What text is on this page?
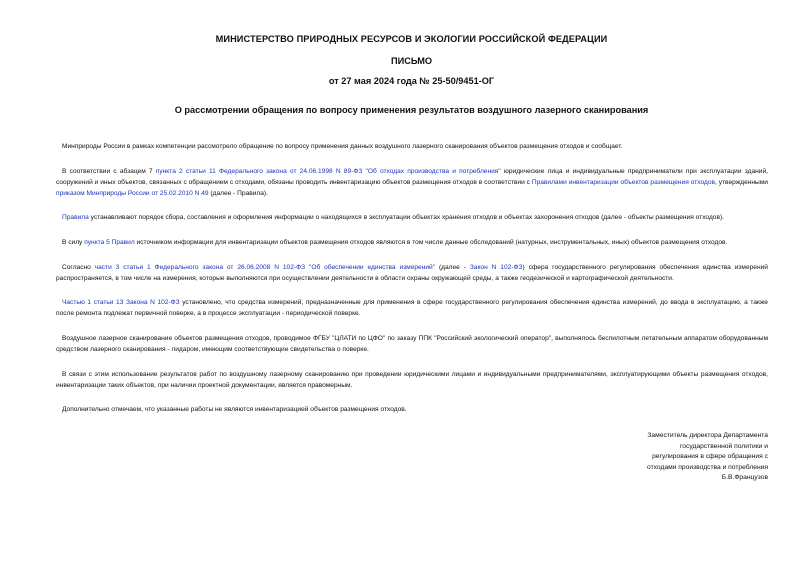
МИНИСТЕРСТВО ПРИРОДНЫХ РЕСУРСОВ И ЭКОЛОГИИ РОССИЙСКОЙ ФЕДЕРАЦИИ
ПИСЬМО
от 27 мая 2024 года № 25-50/9451-ОГ
О рассмотрении обращения по вопросу применения результатов воздушного лазерного сканирования

Минприроды России в рамках компетенции рассмотрело обращение по вопросу применения данных воздушного лазерного сканирования объектов размещения отходов и сообщает.

В соответствии с абзацем 7 пункта 2 статьи 11 Федерального закона от 24.06.1998 N 89-ФЗ "Об отходах производства и потребления" юридические лица и индивидуальные предприниматели при эксплуатации зданий, сооружений и иных объектов, связанных с обращением с отходами, обязаны проводить инвентаризацию объектов размещения отходов в соответствии с Правилами инвентаризации объектов размещения отходов, утвержденными приказом Минприроды России от 25.02.2010 N 49 (далее - Правила).

Правила устанавливают порядок сбора, составления и оформления информации о находящихся в эксплуатации объектах хранения отходов и объектах захоронения отходов (далее - объекты размещения отходов).

В силу пункта 5 Правил источником информации для инвентаризации объектов размещения отходов являются в том числе данные обследований (натурных, инструментальных, иных) объектов размещения отходов.

Согласно части 3 статьи 1 Федерального закона от 26.06.2008 N 102-ФЗ "Об обеспечении единства измерений" (далее - Закон N 102-ФЗ) сфера государственного регулирования обеспечения единства измерений распространяется, в том числе на измерения, которые выполняются при осуществлении деятельности в области охраны окружающей среды, а также геодезической и картографической деятельности.

Частью 1 статьи 13 Закона N 102-ФЗ установлено, что средства измерений, предназначенные для применения в сфере государственного регулирования обеспечения единства измерений, до ввода в эксплуатацию, а также после ремонта подлежат первичной поверке, а в процессе эксплуатации - периодической поверке.

Воздушное лазерное сканирование объектов размещения отходов, проводимое ФГБУ "ЦЛАТИ по ЦФО" по заказу ППК "Российский экологический оператор", выполнялось беспилотным летательным аппаратом оборудованным средством лазерного сканирования - лидаром, имеющим соответствующие свидетельства о поверке.

В связи с этим использование результатов работ по воздушному лазерному сканированию при проведении юридическими лицами и индивидуальными предпринимателями, эксплуатирующими объекты размещения отходов, инвентаризации таких объектов, при наличии проектной документации, является правомерным.

Дополнительно отмечаем, что указанные работы не являются инвентаризацией объектов размещения отходов.

Заместитель директора Департамента
государственной политики и
регулирования в сфере обращения с
отходами производства и потребления
Б.В.Французов
